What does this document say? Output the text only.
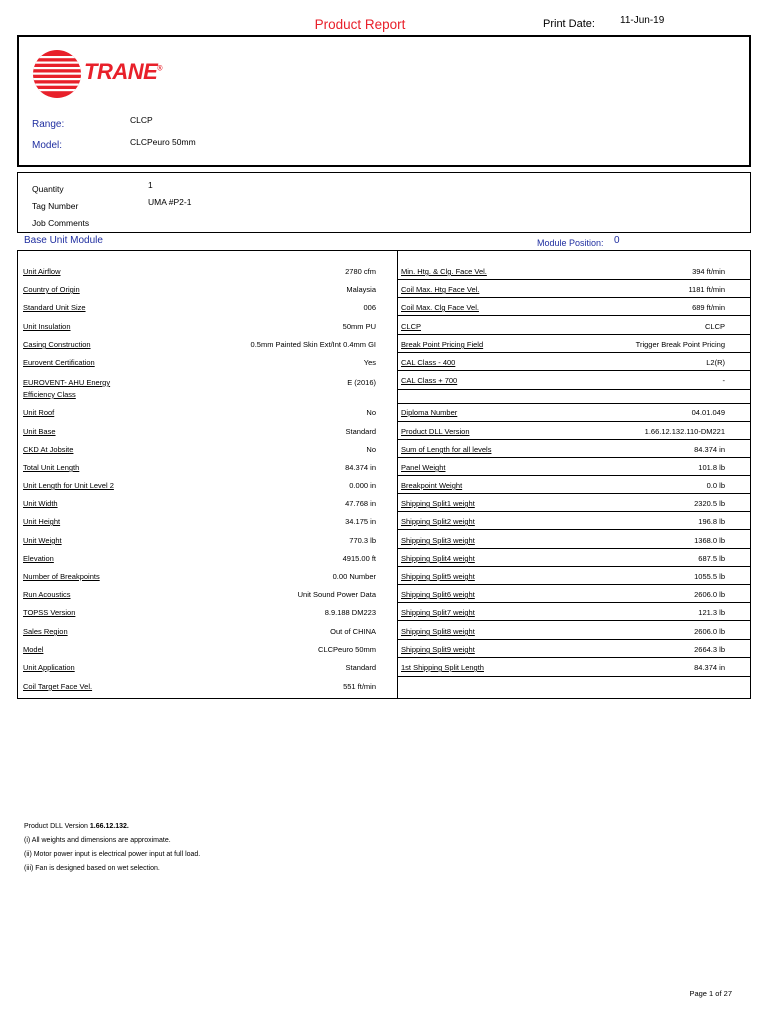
Product Report	Print Date:	11-Jun-19
TRANE®
Range:	CLCP
Model:	CLCPeuro 50mm
Quantity	1
Tag Number	UMA #P2-1
Job Comments
Base Unit Module	Module Position: 0
Unit Airflow	2780 cfm
Country of Origin	Malaysia
Standard Unit Size	006
Unit Insulation	50mm PU
Casing Construction	0.5mm Painted Skin Ext/Int 0.4mm GI
Eurovent Certification	Yes
EUROVENT- AHU Energy
Efficiency Class
E (2016)
Unit Roof	No
Unit Base	Standard
CKD At Jobsite	No
Total Unit Length	84.374 in
Unit Length for Unit Level 2	0.000 in
Unit Width	47.768 in
Unit Height	34.175 in
Unit Weight	770.3 lb
Elevation	4915.00 ft
Number of Breakpoints	0.00 Number
Run Acoustics	Unit Sound Power Data
TOPSS Version	8.9.188 DM223
Sales Region	Out of CHINA
Model	CLCPeuro 50mm
Unit Application	Standard
Coil Target Face Vel.	551 ft/min
Min. Htg. & Clg. Face Vel.	394 ft/min
Coil Max. Htg Face Vel.	1181 ft/min
Coil Max. Clg Face Vel.	689 ft/min
CLCP	CLCP
Break Point Pricing Field	Trigger Break Point Pricing
CAL Class - 400	L2(R)
CAL Class + 700	-
Diploma Number	04.01.049
Product DLL Version	1.66.12.132.110-DM221
Sum of Length for all levels	84.374 in
Panel Weight	101.8 lb
Breakpoint Weight	0.0 lb
Shipping Split1 weight	2320.5 lb
Shipping Split2 weight	196.8 lb
Shipping Split3 weight	1368.0 lb
Shipping Split4 weight	687.5 lb
Shipping Split5 weight	1055.5 lb
Shipping Split6 weight	2606.0 lb
Shipping Split7 weight	121.3 lb
Shipping Split8 weight	2606.0 lb
Shipping Split9 weight	2664.3 lb
1st Shipping Split Length	84.374 in
Product DLL Version 1.66.12.132.
(i) All weights and dimensions are approximate.
(ii) Motor power input is electrical power input at full load.
(iii) Fan is designed based on wet selection.
Page 1 of 27
